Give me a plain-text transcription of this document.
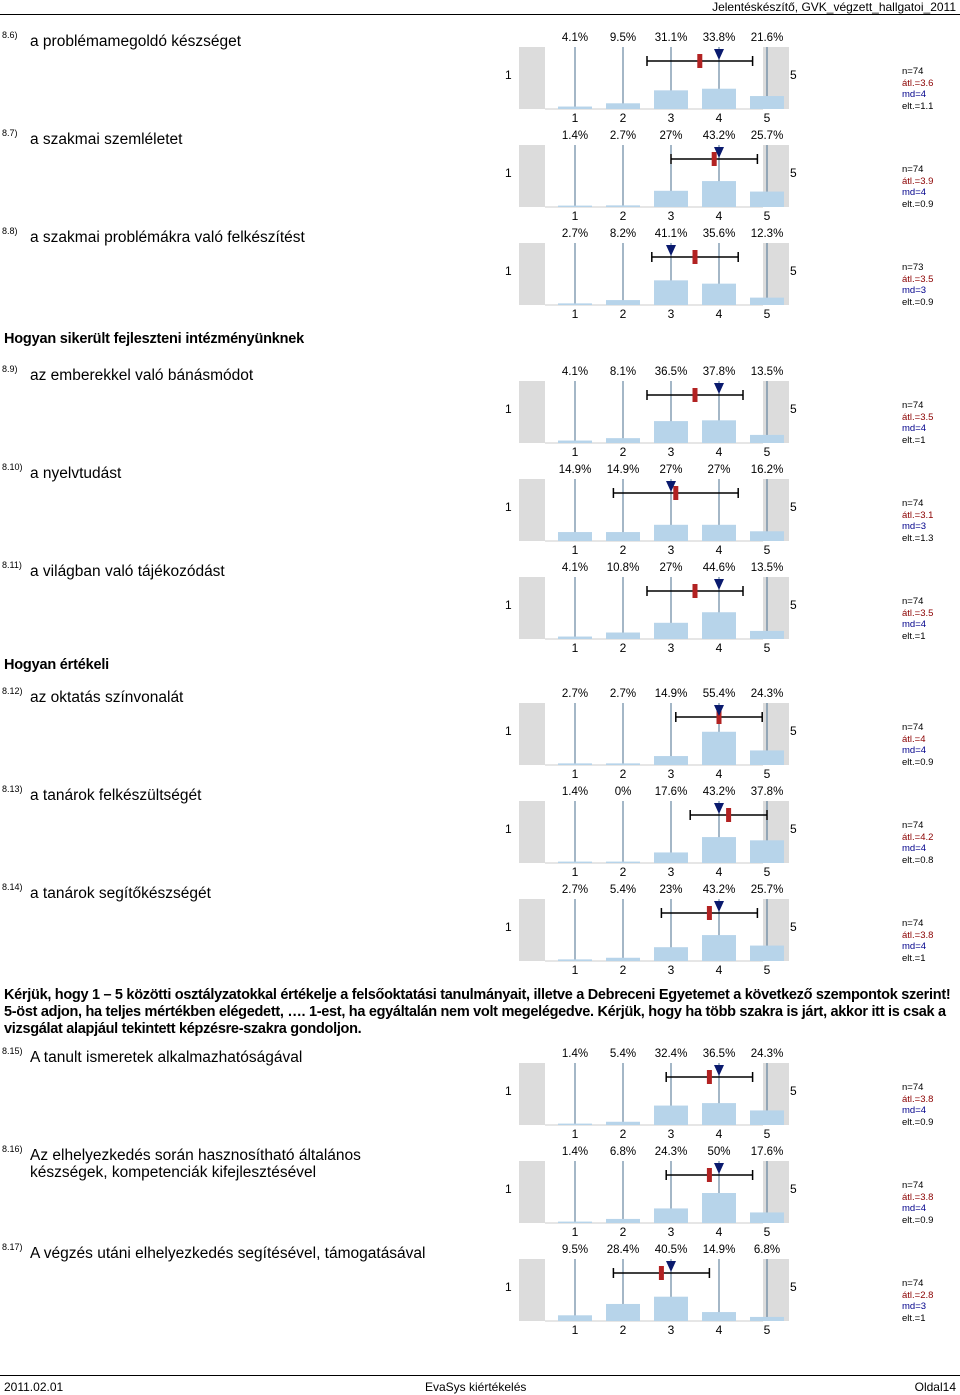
Jelentéskészítő, GVK_végzett_hallgatoi_2011
Hogyan sikerült fejleszteni intézményünknek
Hogyan értékeli
Kérjük, hogy 1 – 5 közötti osztályzatokkal értékelje a felsőoktatási tanulmányait, illetve a Debreceni Egyetemet a következő szempontok szerint! 5-öst adjon, ha teljes mértékben elégedett, …. 1-est, ha egyáltalán nem volt megelégedve. Kérjük, hogy ha több szakra is járt, akkor itt is csak a vizsgálat alapjául tekintett képzésre-szakra gondoljon.
8.6) a problémamegoldó készséget
1	5	n=74
átl.=3.6
md=4
elt.=1.1
4.1% 9.5% 31.1% 33.8% 21.6%
1	2	3	4	5
8.7) a szakmai szemléletet
1	5	n=74
átl.=3.9
md=4
elt.=0.9
1.4% 2.7% 27% 43.2% 25.7%
1	2	3	4	5
8.8) a szakmai problémákra való felkészítést
1	5	n=73
átl.=3.5
md=3
elt.=0.9
2.7% 8.2% 41.1% 35.6% 12.3%
1	2	3	4	5
8.9) az emberekkel való bánásmódot
1	5	n=74
átl.=3.5
md=4
elt.=1
4.1% 8.1% 36.5% 37.8% 13.5%
1	2	3	4	5
8.10) a nyelvtudást
1	5	n=74
átl.=3.1
md=3
elt.=1.3
14.9% 14.9% 27% 27% 16.2%
1	2	3	4	5
8.11) a világban való tájékozódást
1	5	n=74
átl.=3.5
md=4
elt.=1
4.1% 10.8% 27% 44.6% 13.5%
1	2	3	4	5
8.12) az oktatás színvonalát
1	5	n=74
átl.=4
md=4
elt.=0.9
2.7% 2.7% 14.9% 55.4% 24.3%
1	2	3	4	5
8.13) a tanárok felkészültségét
1	5	n=74
átl.=4.2
md=4
elt.=0.8
1.4% 0% 17.6% 43.2% 37.8%
1	2	3	4	5
8.14) a tanárok segítőkészségét
1	5	n=74
átl.=3.8
md=4
elt.=1
2.7% 5.4% 23% 43.2% 25.7%
1	2	3	4	5
8.15) A tanult ismeretek alkalmazhatóságával
1	5	n=74
átl.=3.8
md=4
elt.=0.9
1.4% 5.4% 32.4% 36.5% 24.3%
1	2	3	4	5
8.16) Az elhelyezkedés során hasznosítható általános készségek, kompetenciák kifejlesztésével
1	5	n=74
átl.=3.8
md=4
elt.=0.9
1.4% 6.8% 24.3% 50% 17.6%
1	2	3	4	5
8.17) A végzés utáni elhelyezkedés segítésével, támogatásával
1	5	n=74
átl.=2.8
md=3
elt.=1
9.5% 28.4% 40.5% 14.9% 6.8%
1	2	3	4	5
2011.02.01	EvaSys kiértékelés	Oldal14
